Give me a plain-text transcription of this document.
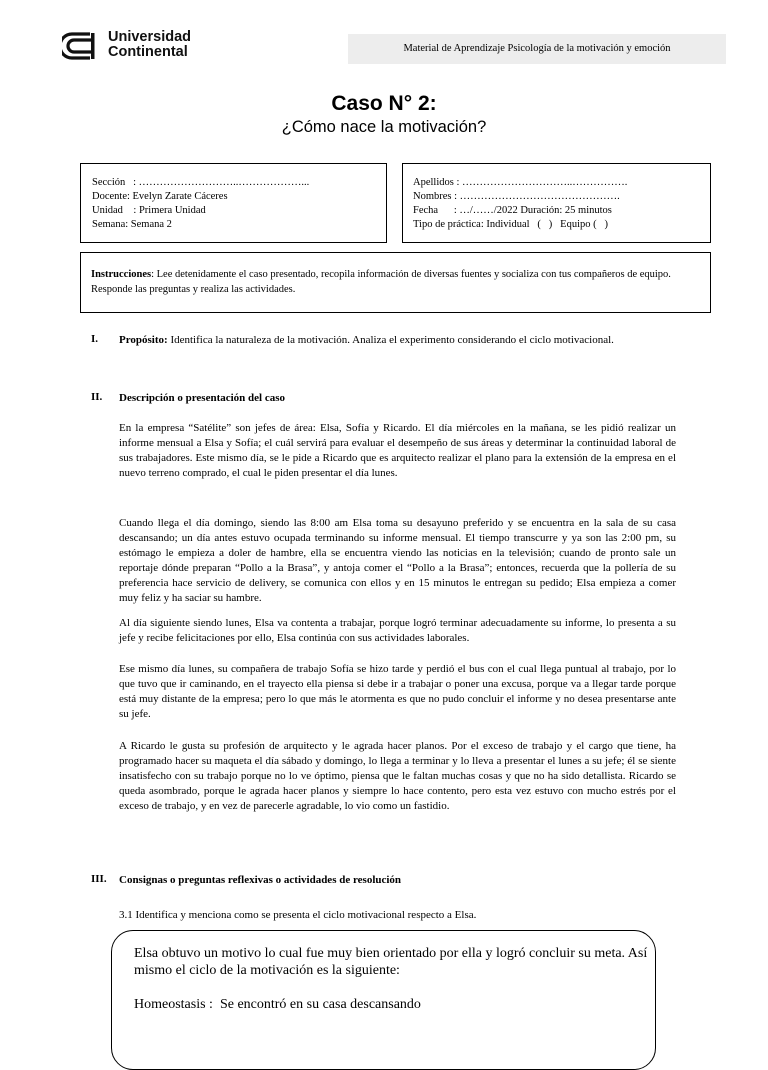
Universidad
Continental	Material de Aprendizaje Psicología de la motivación y emoción
Caso N° 2:
¿Cómo nace la motivación?
Sección   : ………………………..………………...
Docente: Evelyn Zarate Cáceres
Unidad    : Primera Unidad
Semana: Semana 2
Apellidos : …………………………..…………….
Nombres : ……………………………………….
Fecha      : …/……/2022 Duración: 25 minutos
Tipo de práctica: Individual   (   )   Equipo (   )
Instrucciones: Lee detenidamente el caso presentado, recopila información de diversas fuentes y socializa con tus compañeros de equipo. Responde las preguntas y realiza las actividades.
I. Propósito: Identifica la naturaleza de la motivación. Analiza el experimento considerando el ciclo motivacional.
II. Descripción o presentación del caso
En la empresa “Satélite” son jefes de área: Elsa, Sofía y Ricardo. El día miércoles en la mañana, se les pidió realizar un informe mensual a Elsa y Sofía; el cuál servirá para evaluar el desempeño de sus áreas y determinar la continuidad laboral de sus trabajadores. Este mismo día, se le pide a Ricardo que es arquitecto realizar el plano para la extensión de la empresa en el nuevo terreno comprado, el cual le piden presentar el día lunes.
Cuando llega el día domingo, siendo las 8:00 am Elsa toma su desayuno preferido y se encuentra en la sala de su casa descansando; un día antes estuvo ocupada terminando su informe mensual. El tiempo transcurre y ya son las 2:00 pm, su estómago le empieza a doler de hambre, ella se encuentra viendo las noticias en la televisión; cuando de pronto sale un reportaje dónde preparan “Pollo a la Brasa”, y antoja comer el “Pollo a la Brasa”; entonces, recuerda que la pollería de su preferencia hace servicio de delivery, se comunica con ellos y en 15 minutos le entregan su pedido; Elsa empieza a comer muy feliz y ha saciar su hambre.
Al día siguiente siendo lunes, Elsa va contenta a trabajar, porque logró terminar adecuadamente su informe, lo presenta a su jefe y recibe felicitaciones por ello, Elsa continúa con sus actividades laborales.
Ese mismo día lunes, su compañera de trabajo Sofía se hizo tarde y perdió el bus con el cual llega puntual al trabajo, por lo que tuvo que ir caminando, en el trayecto ella piensa si debe ir a trabajar o poner una excusa, porque va a llegar tarde porque está muy distante de la empresa; pero lo que más le atormenta es que no pudo concluir el informe y no desea presentarse ante su jefe.
A Ricardo le gusta su profesión de arquitecto y le agrada hacer planos. Por el exceso de trabajo y el cargo que tiene, ha programado hacer su maqueta el día sábado y domingo, lo llega a terminar y lo lleva a presentar el lunes a su jefe; él se siente insatisfecho con su trabajo porque no lo ve óptimo, piensa que le faltan muchas cosas y que no ha sido detallista. Ricardo se queda asombrado, porque le agrada hacer planos y siempre lo hace contento, pero esta vez estuvo con mucho estrés por el exceso de trabajo, y en vez de parecerle agradable, lo vio como un fastidio.
III. Consignas o preguntas reflexivas o actividades de resolución
3.1 Identifica y menciona como se presenta el ciclo motivacional respecto a Elsa.

Elsa obtuvo un motivo lo cual fue muy bien orientado por ella y logró concluir su meta. Así mismo el ciclo de la motivación es la siguiente:

Homeostasis :  Se encontró en su casa descansando
